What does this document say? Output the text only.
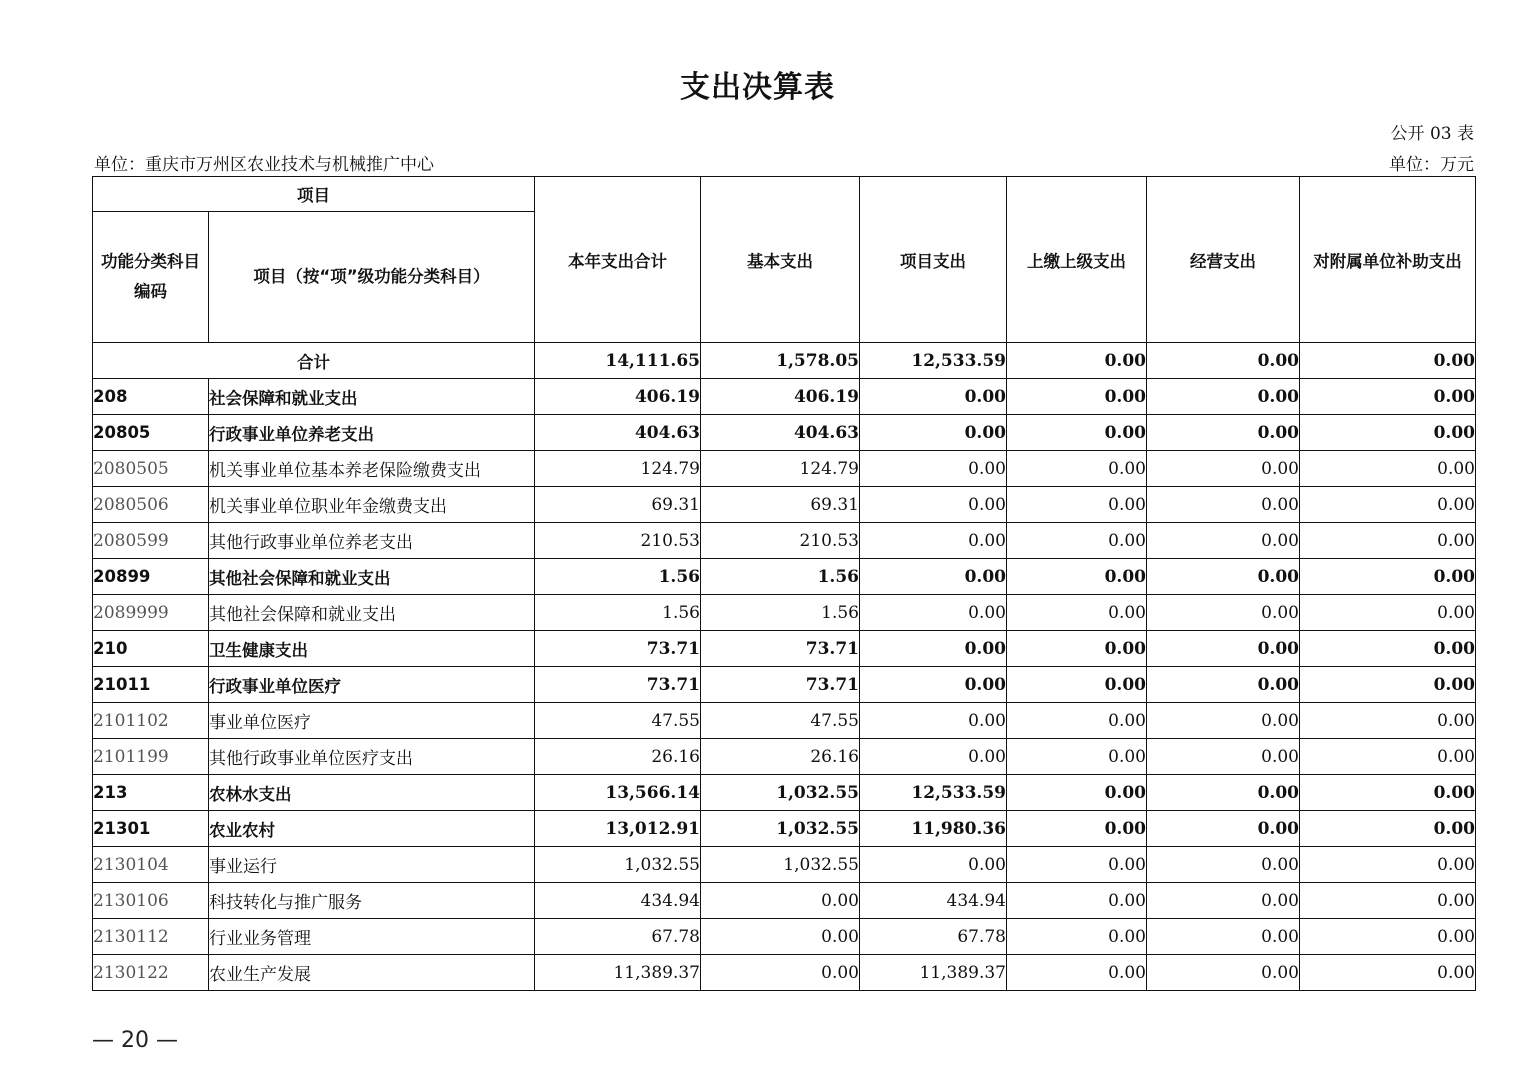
支出决算表
公开 03 表
单位：重庆市万州区农业技术与机械推广中心	单位：万元
项目		本年支出合计	基本支出	项目支出	上缴上级支出	经营支出	对附属单位补助支出
功能分类科目编码	项目（按“项”级功能分类科目）						
合计		14,111.65	1,578.05	12,533.59	0.00	0.00	0.00
208	社会保障和就业支出	406.19	406.19	0.00	0.00	0.00	0.00
20805	行政事业单位养老支出	404.63	404.63	0.00	0.00	0.00	0.00
2080505	机关事业单位基本养老保险缴费支出	124.79	124.79	0.00	0.00	0.00	0.00
2080506	机关事业单位职业年金缴费支出	69.31	69.31	0.00	0.00	0.00	0.00
2080599	其他行政事业单位养老支出	210.53	210.53	0.00	0.00	0.00	0.00
20899	其他社会保障和就业支出	1.56	1.56	0.00	0.00	0.00	0.00
2089999	其他社会保障和就业支出	1.56	1.56	0.00	0.00	0.00	0.00
210	卫生健康支出	73.71	73.71	0.00	0.00	0.00	0.00
21011	行政事业单位医疗	73.71	73.71	0.00	0.00	0.00	0.00
2101102	事业单位医疗	47.55	47.55	0.00	0.00	0.00	0.00
2101199	其他行政事业单位医疗支出	26.16	26.16	0.00	0.00	0.00	0.00
213	农林水支出	13,566.14	1,032.55	12,533.59	0.00	0.00	0.00
21301	农业农村	13,012.91	1,032.55	11,980.36	0.00	0.00	0.00
2130104	事业运行	1,032.55	1,032.55	0.00	0.00	0.00	0.00
2130106	科技转化与推广服务	434.94	0.00	434.94	0.00	0.00	0.00
2130112	行业业务管理	67.78	0.00	67.78	0.00	0.00	0.00
2130122	农业生产发展	11,389.37	0.00	11,389.37	0.00	0.00	0.00
— 20 —
